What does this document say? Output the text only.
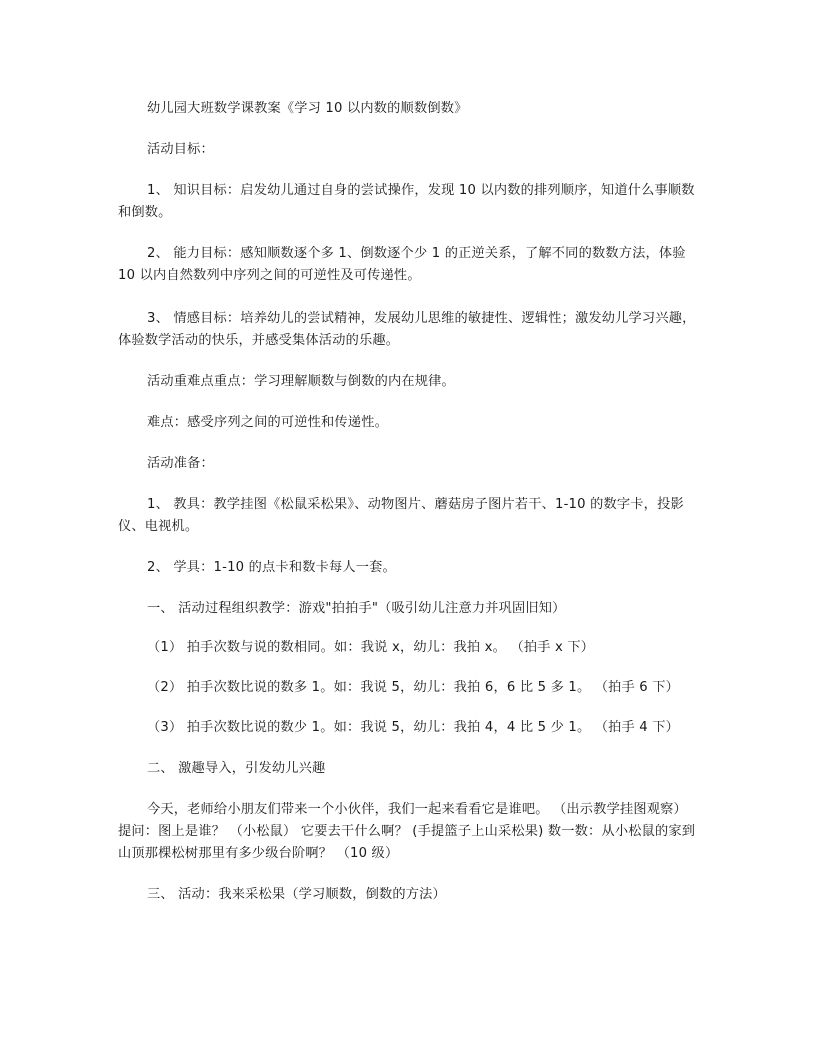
幼儿园大班数学课教案《学习 10 以内数的顺数倒数》

活动目标：

1、 知识目标：启发幼儿通过自身的尝试操作，发现 10 以内数的排列顺序，知道什么事顺数和倒数。

2、 能力目标：感知顺数逐个多 1、倒数逐个少 1 的正逆关系，了解不同的数数方法，体验 10 以内自然数列中序列之间的可逆性及可传递性。

3、 情感目标：培养幼儿的尝试精神，发展幼儿思维的敏捷性、逻辑性；激发幼儿学习兴趣，体验数学活动的快乐，并感受集体活动的乐趣。

活动重难点重点：学习理解顺数与倒数的内在规律。

难点：感受序列之间的可逆性和传递性。

活动准备：

1、 教具：教学挂图《松鼠采松果》、动物图片、蘑菇房子图片若干、1-10 的数字卡，投影仪、电视机。

2、 学具：1-10 的点卡和数卡每人一套。

一、 活动过程组织教学：游戏"拍拍手"（吸引幼儿注意力并巩固旧知）

（1） 拍手次数与说的数相同。如：我说 x，幼儿：我拍 x。 （拍手 x 下）

（2） 拍手次数比说的数多 1。如：我说 5，幼儿：我拍 6，6 比 5 多 1。 （拍手 6 下）

（3） 拍手次数比说的数少 1。如：我说 5，幼儿：我拍 4，4 比 5 少 1。 （拍手 4 下）

二、 激趣导入，引发幼儿兴趣

今天，老师给小朋友们带来一个小伙伴，我们一起来看看它是谁吧。 （出示教学挂图观察）提问：图上是谁？ （小松鼠） 它要去干什么啊？ (手提篮子上山采松果) 数一数：从小松鼠的家到山顶那棵松树那里有多少级台阶啊？ （10 级）

三、 活动：我来采松果（学习顺数，倒数的方法）
